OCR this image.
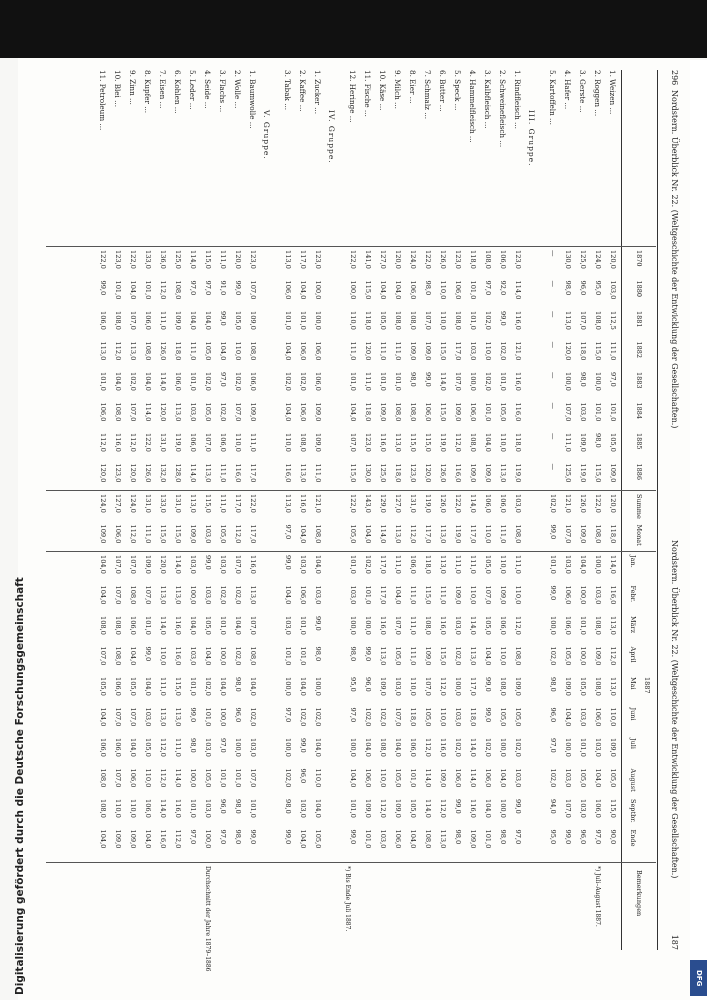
296
Nordstern. Überblick Nr. 22. (Weltgeschichte der Entwicklung der Gesellschaften.)
Nordstern. Überblick Nr. 22. (Weltgeschichte der Entwicklung der Gesellschaften.)
187
1870
1880
1881
1882
1883
1884
1885
1886
Summe
Monat
Jan.
Febr.
März
April
Mai
Juni
Juli
August
Septbr.
Ende
1887
Bemerkungen
1. Weizen ...
120,0
103,0
112,5
111,0
97,0
101,0
105,0
109,0
120,0
118,0
114,0
116,0
113,0
112,0
113,0
110,0
109,0
105,0
115,0
90,0
2. Roggen ...
124,0
95,0
108,0
115,0
100,0
101,0
98,0
115,0
122,0
108,0
100,0
103,0
108,0
109,0
108,0
106,0
103,0
104,0
106,0
97,0
3. Gerste ...
125,0
96,0
107,0
118,0
98,0
103,0
109,0
119,0
126,0
109,0
104,0
100,0
101,0
100,0
105,0
103,0
101,0
105,0
103,0
96,0
4. Hafer ...
130,0
98,0
113,0
120,0
100,0
107,0
111,0
125,0
121,0
107,0
103,0
106,0
106,0
105,0
109,0
104,0
100,0
103,0
107,0
99,0
5. Kartoffeln ...
—
—
—
—
—
—
—
—
102,0
99,0
101,0
99,0
100,0
102,0
98,0
96,0
97,0
102,0
94,0
95,0
III. Gruppe.
1. Rindfleisch ...
123,0
114,0
116,0
121,0
116,0
116,0
118,0
119,0
103,0
108,0
111,0
110,0
112,0
108,0
109,0
105,0
102,0
103,0
99,0
97,0
2. Schweinefleisch ...
106,0
92,0
99,0
102,0
101,0
105,0
110,0
113,0
106,0
111,0
110,0
109,0
106,0
110,0
108,0
105,0
100,0
104,0
100,0
98,0
3. Kalbfleisch ...
108,0
97,0
102,0
110,0
102,0
101,0
104,0
109,0
106,0
110,0
105,0
107,0
105,0
104,0
99,0
99,0
102,0
106,0
104,0
101,0
4. Hammelfleisch ...
118,0
101,0
101,0
103,0
100,0
106,0
108,0
109,0
114,0
117,0
111,0
110,0
114,0
113,0
117,0
118,0
114,0
114,0
116,0
109,0
5. Speck ...
123,0
106,0
108,0
117,0
107,0
109,0
112,0
116,0
122,0
119,0
111,0
109,0
103,0
102,0
100,0
103,0
102,0
106,0
99,0
98,0
6. Butter ...
126,0
110,0
110,0
115,0
114,0
115,0
119,0
126,0
126,0
113,0
113,0
111,0
116,0
115,0
112,0
110,0
116,0
109,0
112,0
113,0
7. Schmalz ...
122,0
98,0
107,0
109,0
99,0
106,0
115,0
120,0
119,0
117,0
118,0
115,0
108,0
109,0
107,0
105,0
112,0
114,0
114,0
108,0
8. Eier ...
124,0
106,0
108,0
109,0
98,0
108,0
115,0
123,0
131,0
112,0
106,0
111,0
111,0
111,0
110,0
118,0
106,0
101,0
105,0
104,0
9. Milch ...
120,0
104,0
108,0
111,0
101,0
108,0
113,0
118,0
127,0
113,0
111,0
104,0
107,0
105,0
103,0
107,0
104,0
105,0
109,0
106,0
10. Käse ...
127,0
104,0
105,0
111,0
101,0
109,0
116,0
125,0
129,0
114,0
117,0
117,0
116,0
113,0
109,0
102,0
108,0
110,0
112,0
103,0
11. Fische ...
141,0
115,0
118,0
120,0
111,0
118,0
123,0
130,0
143,0
104,0
102,0
101,0
100,0
99,0
96,0
102,0
104,0
106,0
109,0
101,0
12. Heringe ...
122,0
100,0
110,0
111,0
101,0
104,0
107,0
115,0
122,0
105,0
101,0
103,0
100,0
98,0
95,0
97,0
100,0
104,0
101,0
99,0
IV. Gruppe.
1. Zucker ...
123,0
100,0
100,0
106,0
106,0
109,0
109,0
111,0
121,0
108,0
104,0
103,0
99,0
98,0
100,0
102,0
104,0
110,0
104,0
105,0
2. Kaffee ...
117,0
104,0
101,0
106,0
102,0
106,0
108,0
113,0
116,0
104,0
103,0
106,0
101,0
101,0
104,0
102,0
99,0
96,0
103,0
104,0
3. Tabak ...
113,0
106,0
101,0
104,0
102,0
104,0
110,0
116,0
113,0
97,0
99,0
104,0
103,0
101,0
100,0
97,0
100,0
102,0
98,0
99,0
V. Gruppe.
1. Baumwolle ...
123,0
107,0
109,0
108,0
106,0
109,0
111,0
117,0
122,0
117,0
116,0
113,0
107,0
108,0
104,0
102,0
103,0
107,0
101,0
99,0
2. Wolle ...
120,0
99,0
105,0
110,0
102,0
107,0
110,0
116,0
117,0
112,0
107,0
102,0
104,0
102,0
98,0
96,0
100,0
101,0
98,0
98,0
3. Flachs ...
111,0
91,0
99,0
104,0
97,0
102,0
106,0
111,0
111,0
105,0
103,0
102,0
101,0
100,0
104,0
100,0
97,0
101,0
96,0
97,0
4. Seide ...
115,0
97,0
104,0
105,0
102,0
105,0
107,0
113,0
115,0
103,0
99,0
103,0
105,0
104,0
102,0
101,0
103,0
105,0
103,0
100,0
5. Leder ...
114,0
97,0
104,0
111,0
101,0
103,0
106,0
114,0
113,0
109,0
103,0
100,0
104,0
103,0
101,0
99,0
98,0
100,0
101,0
97,0
6. Kohlen ...
125,0
108,0
109,0
118,0
106,0
113,0
119,0
128,0
131,0
115,0
114,0
113,0
116,0
116,0
115,0
113,0
111,0
114,0
116,0
112,0
7. Eisen ...
136,0
112,0
111,0
126,0
114,0
120,0
131,0
132,0
133,0
115,0
120,0
113,0
114,0
110,0
111,0
113,0
112,0
112,0
114,0
116,0
8. Kupfer ...
133,0
101,0
106,0
108,0
104,0
114,0
122,0
126,0
131,0
111,0
109,0
107,0
101,0
99,0
104,0
103,0
105,0
110,0
106,0
104,0
9. Zinn ...
122,0
104,0
107,0
113,0
102,0
107,0
112,0
120,0
124,0
112,0
107,0
108,0
106,0
104,0
105,0
107,0
104,0
106,0
110,0
109,0
10. Blei ...
123,0
101,0
108,0
112,0
104,0
108,0
116,0
123,0
127,0
106,0
107,0
107,0
108,0
108,0
106,0
107,0
106,0
107,0
110,0
109,0
11. Petroleum ...
122,0
99,0
106,0
113,0
101,0
106,0
112,0
120,0
124,0
109,0
104,0
104,0
108,0
107,0
105,0
104,0
106,0
108,0
108,0
104,0
*) Juli–August 1887.
*) Bis Ende Juli 1887.
Durchschnitt der Jahre 1879–1886
Digitalisierung gefördert durch die Deutsche Forschungsgemeinschaft	DFG
